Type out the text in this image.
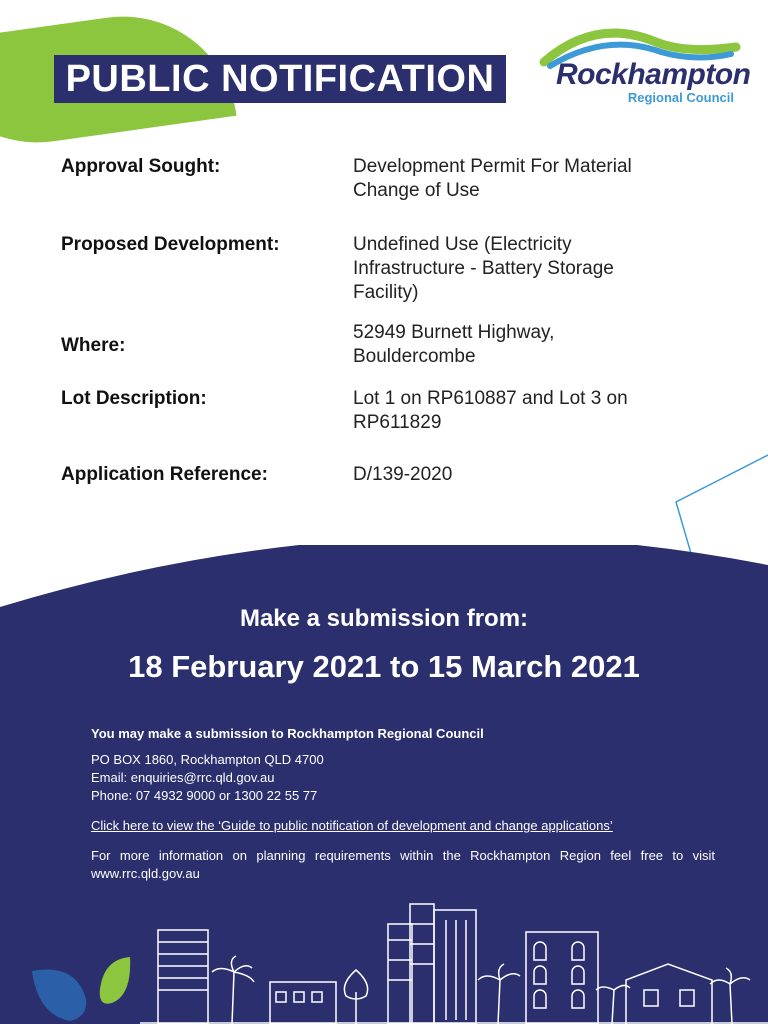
PUBLIC NOTIFICATION	Rockhampton
Regional Council
Approval Sought:	Development Permit For Material
Change of Use
Proposed Development:	Undefined Use (Electricity
Infrastructure - Battery Storage
Facility)
Where:
52949 Burnett Highway,
Bouldercombe
Lot Description:	Lot 1 on RP610887 and Lot 3 on
RP611829
Application Reference:	D/139-2020
Make a submission from:
18 February 2021 to 15 March 2021
You may make a submission to Rockhampton Regional Council
PO BOX 1860, Rockhampton QLD 4700
Email: enquiries@rrc.qld.gov.au
Phone: 07 4932 9000 or 1300 22 55 77
Click here to view the ‘Guide to public notification of development and change applications’
For more information on planning requirements within the Rockhampton Region feel free to visit www.rrc.qld.gov.au
